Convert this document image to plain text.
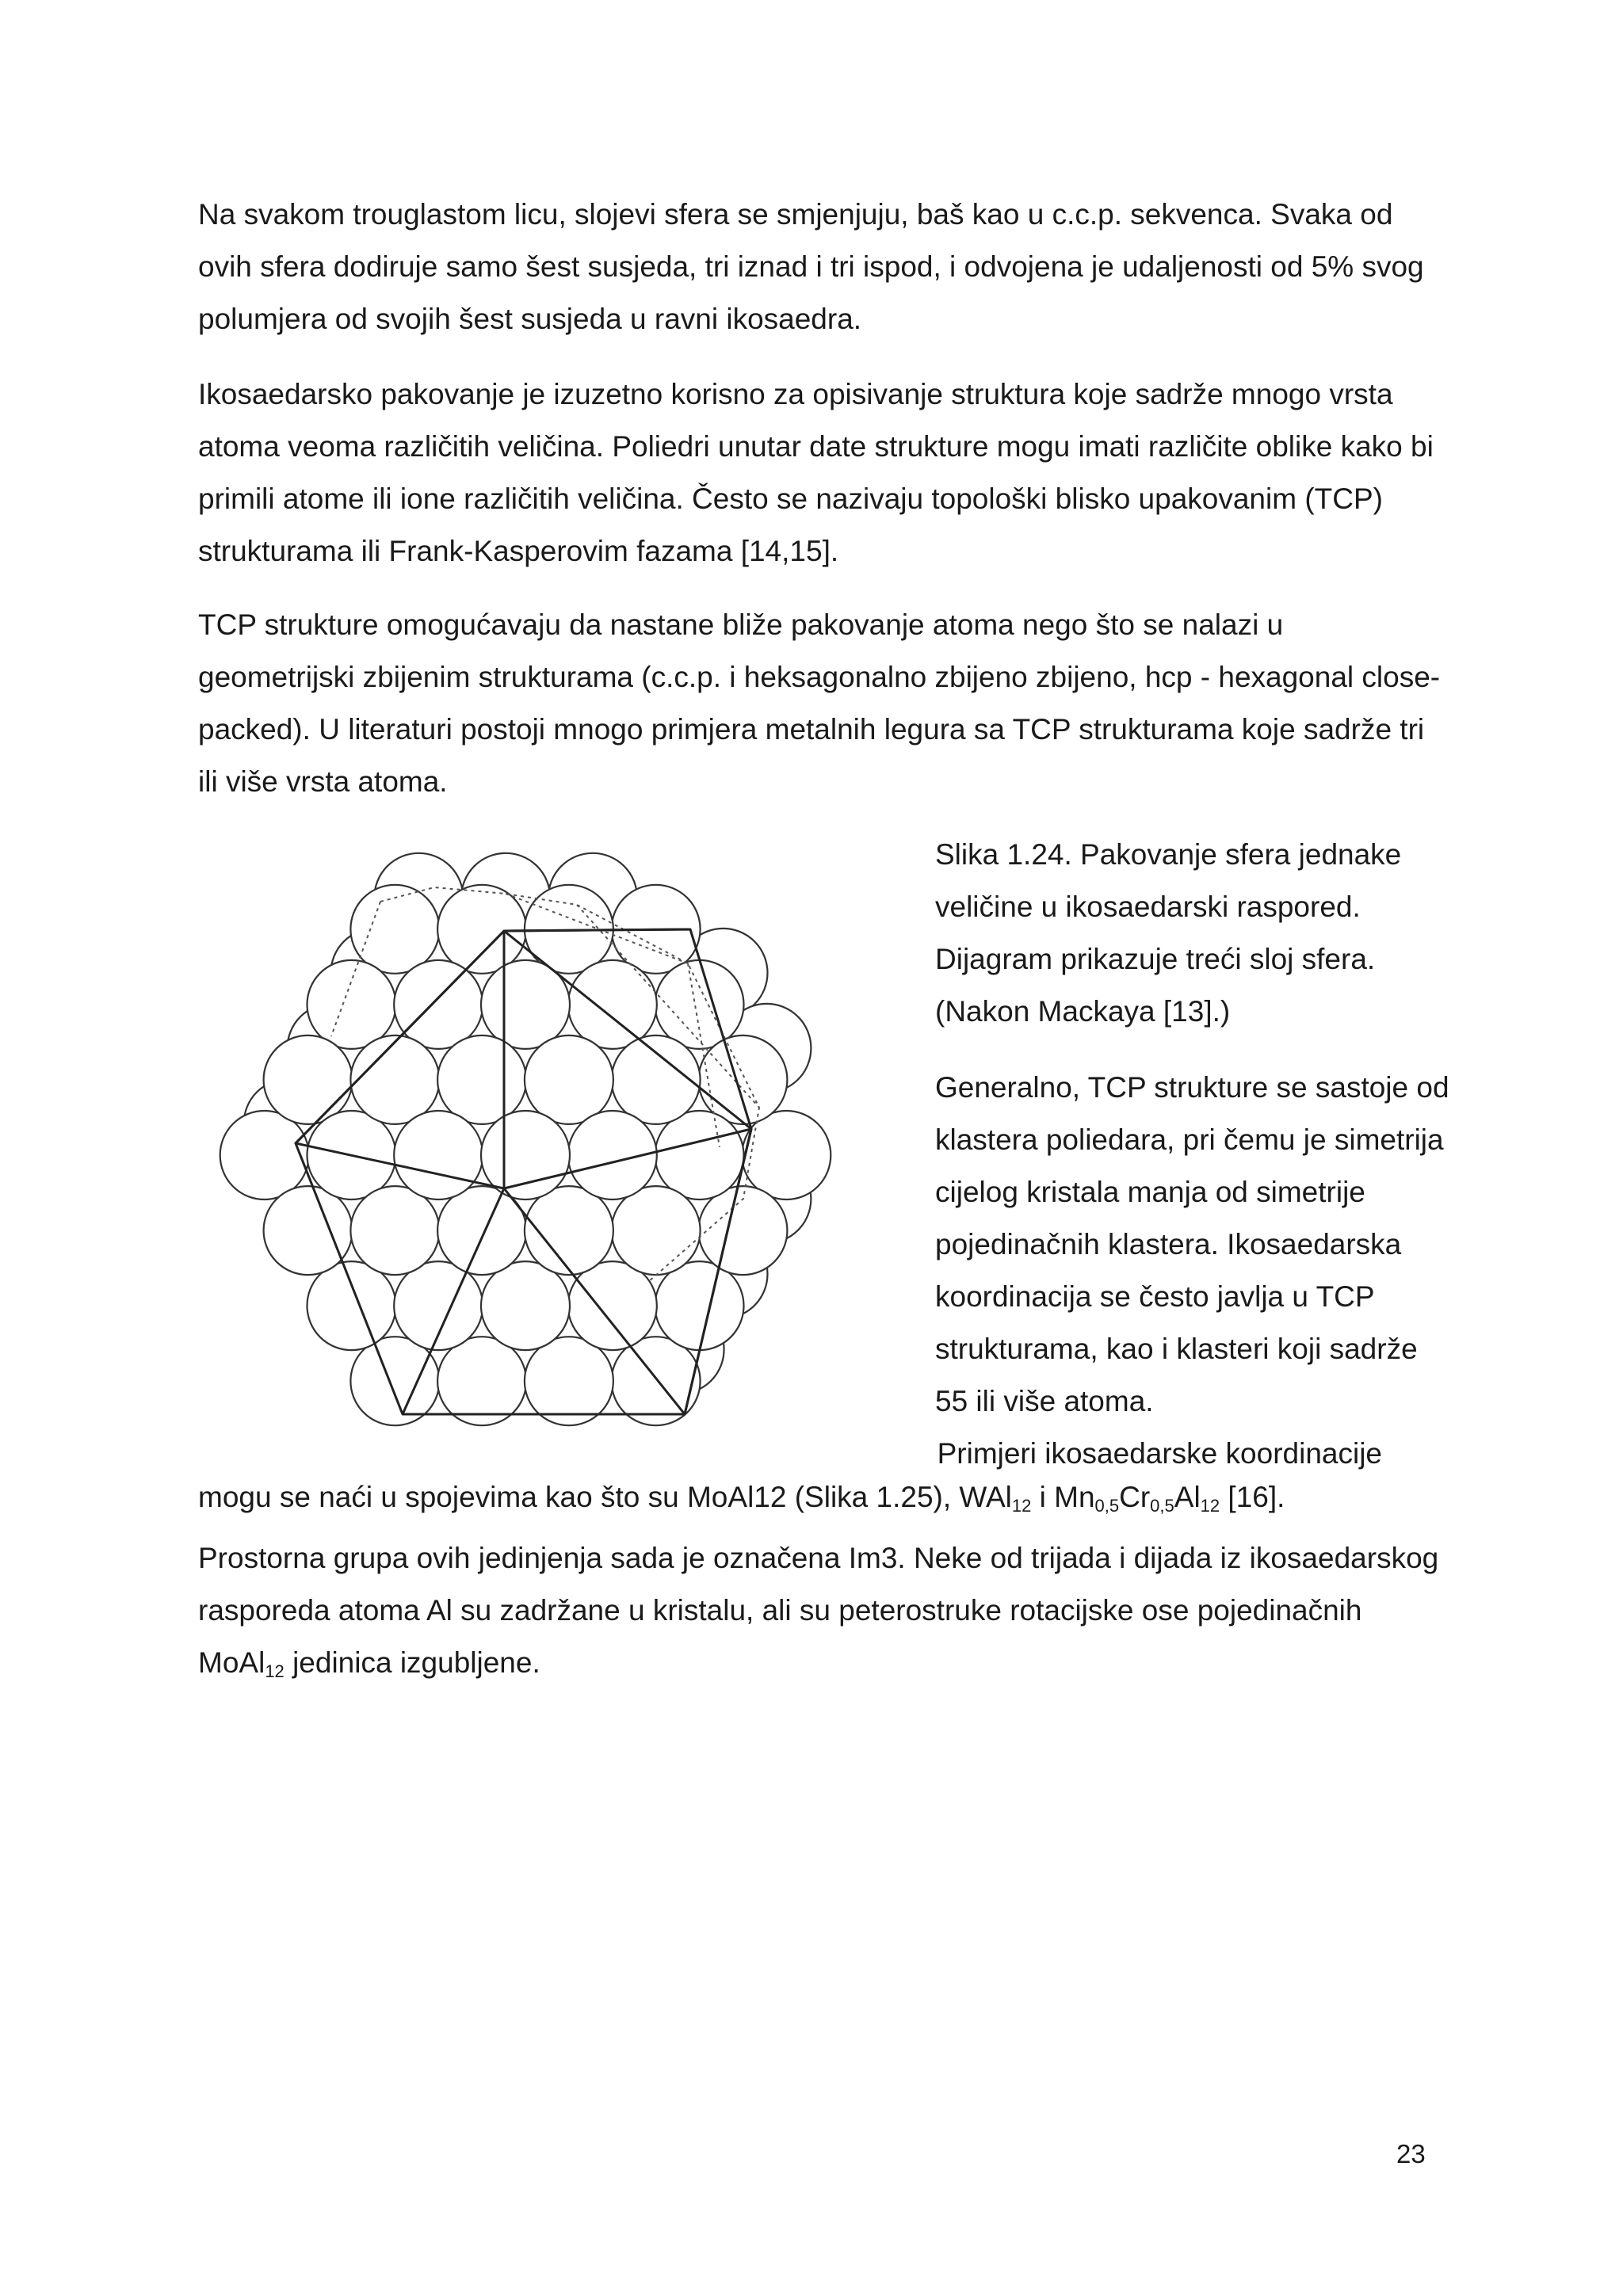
Na svakom trouglastom licu, slojevi sfera se smjenjuju, baš kao u c.c.p. sekvenca. Svaka od ovih sfera dodiruje samo šest susjeda, tri iznad i tri ispod, i odvojena je udaljenosti od 5% svog polumjera od svojih šest susjeda u ravni ikosaedra.

Ikosaedarsko pakovanje je izuzetno korisno za opisivanje struktura koje sadrže mnogo vrsta atoma veoma različitih veličina. Poliedri unutar date strukture mogu imati različite oblike kako bi primili atome ili ione različitih veličina. Često se nazivaju topološki blisko upakovanim (TCP) strukturama ili Frank-Kasperovim fazama [14,15].

TCP strukture omogućavaju da nastane bliže pakovanje atoma nego što se nalazi u geometrijski zbijenim strukturama (c.c.p. i heksagonalno zbijeno zbijeno, hcp - hexagonal close-packed). U literaturi postoji mnogo primjera metalnih legura sa TCP strukturama koje sadrže tri ili više vrsta atoma.

Slika 1.24. Pakovanje sfera jednake veličine u ikosaedarski raspored. Dijagram prikazuje treći sloj sfera. (Nakon Mackaya [13].)

Generalno, TCP strukture se sastoje od klastera poliedara, pri čemu je simetrija cijelog kristala manja od simetrije pojedinačnih klastera. Ikosaedarska koordinacija se često javlja u TCP strukturama, kao i klasteri koji sadrže 55 ili više atoma.

Primjeri ikosaedarske koordinacije

mogu se naći u spojevima kao što su MoAl12 (Slika 1.25), WAl$_{12}$ i $Mn_{0,5}Cr_{0,5}Al_{12}$ [16].
Prostorna grupa ovih jedinjenja sada je označena Im3. Neke od trijada i dijada iz ikosaedarskog rasporeda atoma Al su zadržane u kristalu, ali su peterostruke rotacijske ose pojedinačnih MoAl$_{12}$ jedinica izgubljene.

23
